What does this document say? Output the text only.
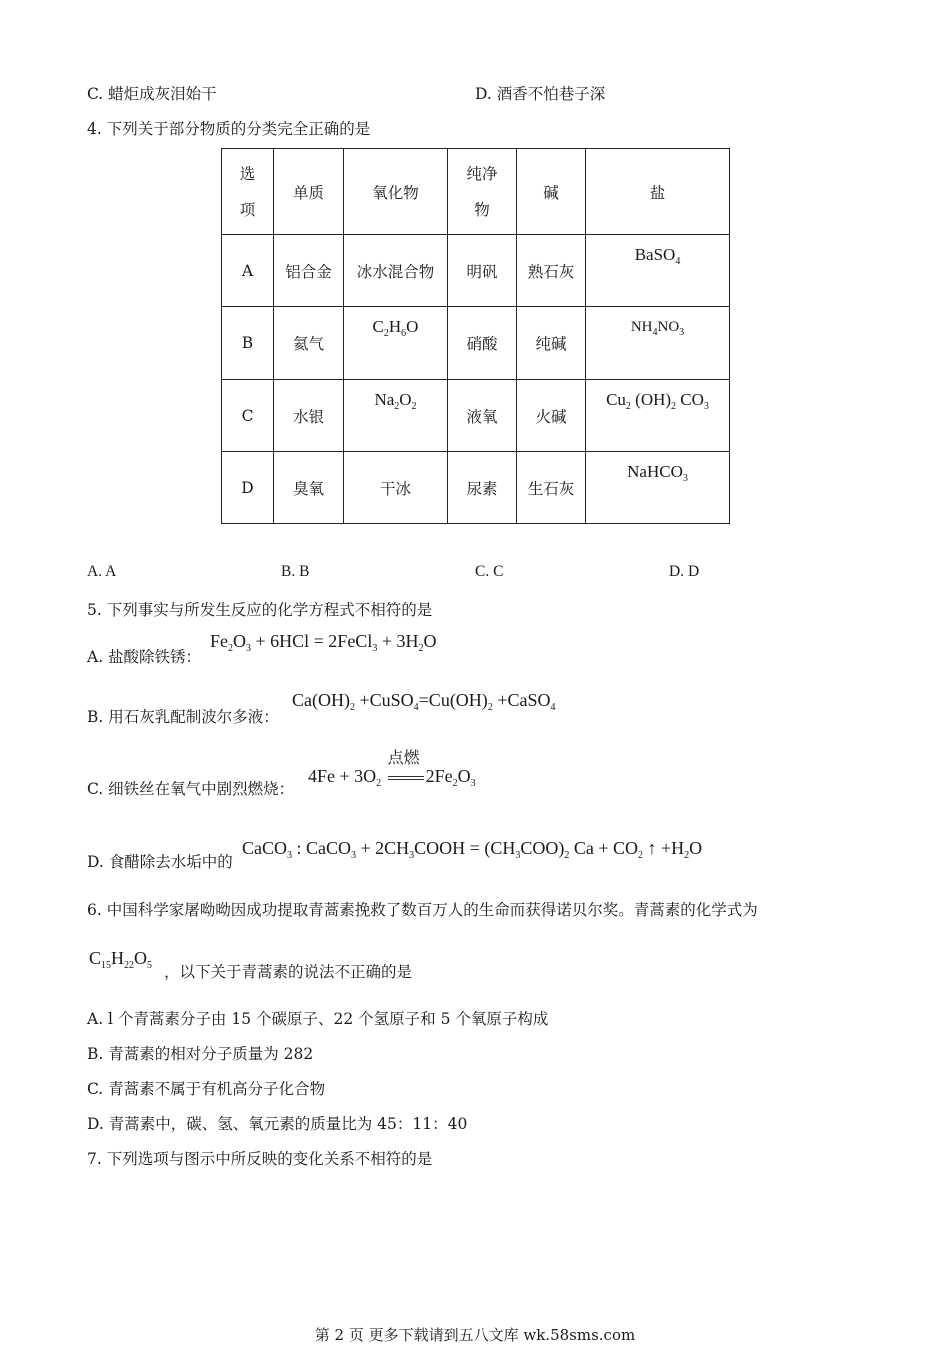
C. 蜡炬成灰泪始干	D. 酒香不怕巷子深
4. 下列关于部分物质的分类完全正确的是
选
项	单质	氧化物	纯净
物	碱	盐
A	铝合金	冰水混合物	明矾	熟石灰	BaSO$_4$
B	氦气	$C_2H_6O$	硝酸	纯碱	$NH_4NO_3$
C	水银	$Na_2O_2$	液氧	火碱	$Cu_2$ $(OH)_2$ $CO_3$
D	臭氧	干冰	尿素	生石灰	NaHCO$_3$
A. A	B. B	C. C	D. D
5. 下列事实与所发生反应的化学方程式不相符的是
A. 盐酸除铁锈：
$Fe_2O_3 + 6HCl$ = 2FeCl$_3$ + $3H_2O$
B. 用石灰乳配制波尔多液：
$Ca(OH)_2$ $+CuSO_4=Cu(OH)_2$ +CaSO$_4$
C. 细铁丝在氧气中剧烈燃烧：
$4Fe + 3O_2$
点燃
$2Fe_2O_3$
D. 食醋除去水垢中的
CaCO$_3$ : CaCO$_3$ + $2CH_3COOH = (CH_3COO)_2$ $Ca + CO_2$ ↑ $+H_2O$
6. 中国科学家屠呦呦因成功提取青蒿素挽救了数百万人的生命而获得诺贝尔奖。青蒿素的化学式为
$C_{15}H_{22}O_5$ ，以下关于青蒿素的说法不正确的是
A. l 个青蒿素分子由 15 个碳原子、22 个氢原子和 5 个氧原子构成
B. 青蒿素的相对分子质量为 282
C. 青蒿素不属于有机高分子化合物
D. 青蒿素中，碳、氢、氧元素的质量比为 45：11：40
7. 下列选项与图示中所反映的变化关系不相符的是
第 2 页 更多下载请到五八文库 wk.58sms.com
